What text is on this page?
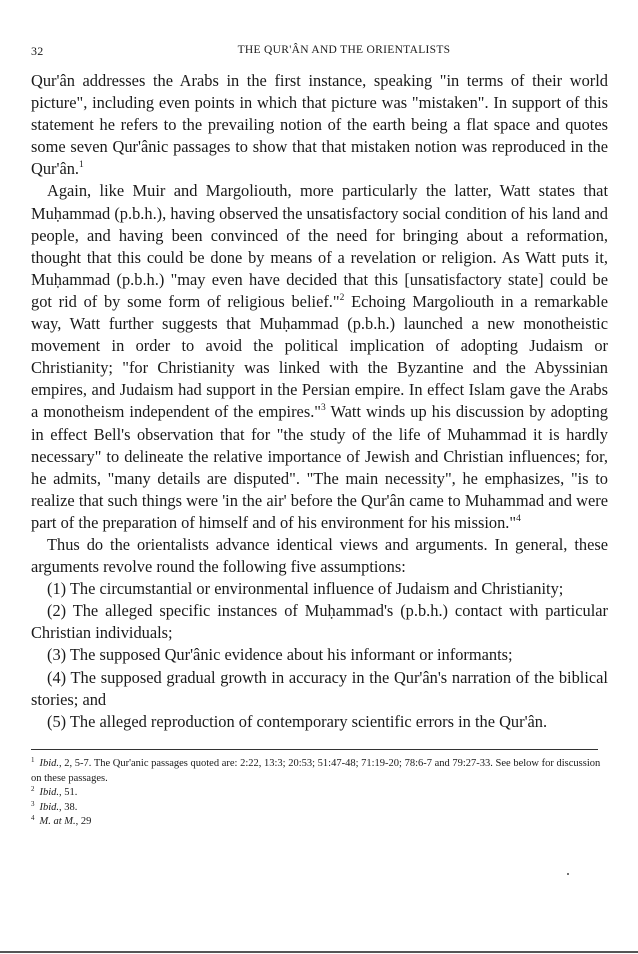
32	THE QUR'ÂN AND THE ORIENTALISTS

Qur'ân addresses the Arabs in the first instance, speaking "in terms of their world picture", including even points in which that picture was "mistaken". In support of this statement he refers to the prevailing notion of the earth being a flat space and quotes some seven Qur'ânic passages to show that that mistaken notion was reproduced in the Qur'ân.$^1$

Again, like Muir and Margoliouth, more particularly the latter, Watt states that Muḥammad (p.b.h.), having observed the unsatisfactory social condition of his land and people, and having been convinced of the need for bringing about a reformation, thought that this could be done by means of a revelation or religion. As Watt puts it, Muḥammad (p.b.h.) "may even have decided that this [unsatisfactory state] could be got rid of by some form of religious belief."$^2$ Echoing Margoliouth in a remarkable way, Watt further suggests that Muḥammad (p.b.h.) launched a new monotheistic movement in order to avoid the political implication of adopting Judaism or Christianity; "for Christianity was linked with the Byzantine and the Abyssinian empires, and Judaism had support in the Persian empire. In effect Islam gave the Arabs a monotheism independent of the empires."$^3$ Watt winds up his discussion by adopting in effect Bell's observation that for "the study of the life of Muhammad it is hardly necessary" to delineate the relative importance of Jewish and Christian influences; for, he admits, "many details are disputed". "The main necessity", he emphasizes, "is to realize that such things were 'in the air' before the Qur'ân came to Muhammad and were part of the preparation of himself and of his environment for his mission."$^4$

Thus do the orientalists advance identical views and arguments. In general, these arguments revolve round the following five assumptions:

(1) The circumstantial or environmental influence of Judaism and Christianity;

(2) The alleged specific instances of Muḥammad's (p.b.h.) contact with particular Christian individuals;

(3) The supposed Qur'ânic evidence about his informant or informants;

(4) The supposed gradual growth in accuracy in the Qur'ân's narration of the biblical stories; and

(5) The alleged reproduction of contemporary scientific errors in the Qur'ân.

$^1$ Ibid., 2, 5-7. The Qur'anic passages quoted are: 2:22, 13:3; 20:53; 51:47-48; 71:19-20; 78:6-7 and 79:27-33. See below for discussion on these passages.

$^2$ Ibid., 51.

$^3$ Ibid., 38.

$^4$ M. at M., 29
